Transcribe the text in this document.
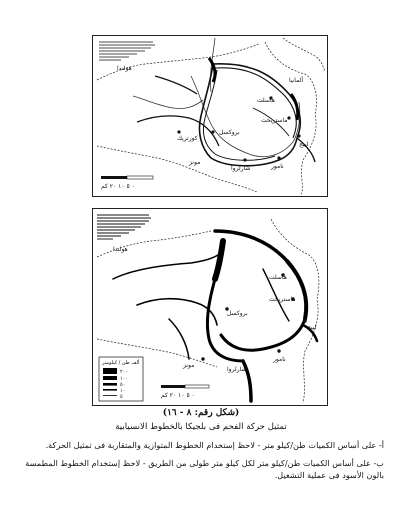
هولندا
هاسلت
ماستريخت
لييج
بروكسل
نامور
شارلروا
مونز
كورتريك
ألمانيا
٠ ٥ ١٠ ٢٠ كم
هولندا
هاسلت
ماستريخت
بروكسل
لييج
مونز
شارلروا
نامور
ألف طن / كيلومتر
٢٠٠
١٠٠
٥٠
١٠
٥	٠ ٥ ١٠ ٢٠ كم
(شكل رقم: ٨ - ١٦)
تمثيل حركة الفحم فى بلجيكا بالخطوط الانسيابية
أ- على أساس الكميات طن/كيلو متر - لاحظ إستخدام الخطوط المتوازية والمتقاربة فى تمثيل الحركة.
ب- على أساس الكميات طن/كيلو متر لكل كيلو متر طولى من الطريق - لاحظ إستخدام الخطوط المطمسة بالون الأسود فى عملية التشغيل.
